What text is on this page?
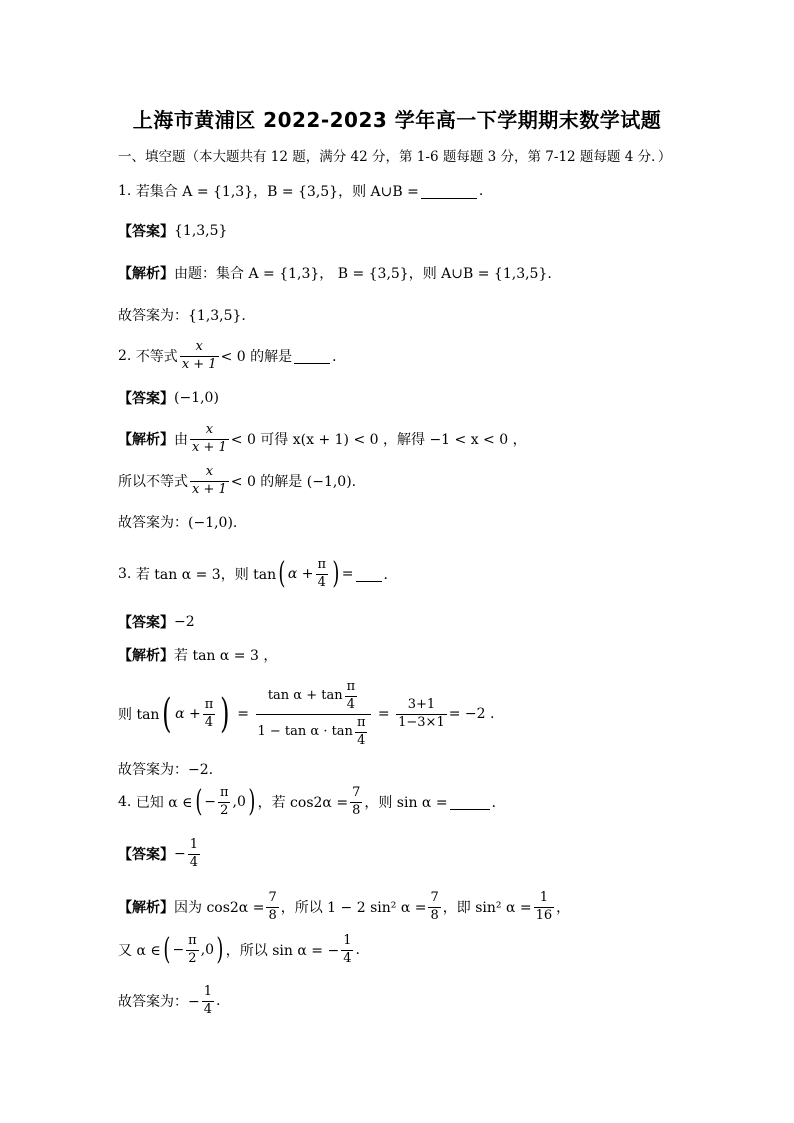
上海市黄浦区 2022-2023 学年高一下学期期末数学试题
一、填空题（本大题共有 12 题，满分 42 分，第 1-6 题每题 3 分，第 7-12 题每题 4 分．）
1.
若集合 A = {1,3}，B = {3,5}，则 A∪B =	.
【答案】 {1,3,5}
【解析】 由题：集合 A = {1,3}， B = {3,5}，则 A∪B = {1,3,5}.
故答案为：{1,3,5}.
2.
不等式 $\frac{x}{x + 1} < 0$ 的解是	．
【答案】 (−1,0)
【解析】 由 $\frac{x}{x + 1} < 0$ 可得 x(x + 1) < 0 ，解得 −1 < x < 0 ，
所以不等式 $\frac{x}{x + 1} < 0$ 的解是 (−1,0).
故答案为：(−1,0).
3.
若 tan α = 3，则 tan ( $\alpha + \frac{\pi}{4}$ ) = ．
【答案】 −2
【解析】 若 tan α = 3 ，
则 tan ( $\alpha + \frac{\pi}{4}$ ) = $\frac{\tan \alpha + \tan \frac{\pi}{4}}{1 - \tan \alpha \cdot \tan \frac{\pi}{4}} = \frac{3+1}{1-3\times 1} = -2$ .
故答案为：−2.
4.
已知 α ∈ ( − $\frac{\pi}{2} ,0$ ) ，若 $\cos 2\alpha = \frac{7}{8}$ ，则 sin α =	．
【答案】 − $\frac{1}{4}$
【解析】 因为 $\cos 2\alpha = \frac{7}{8}$ ，所以 1 − 2 sin² $\alpha = \frac{7}{8}$ ，即 sin² $\alpha = \frac{1}{16}$ ，
又 α ∈ ( − $\frac{\pi}{2} ,0$ ) ，所以 sin α = − $\frac{1}{4}$ .
故答案为：− $\frac{1}{4}$ .
